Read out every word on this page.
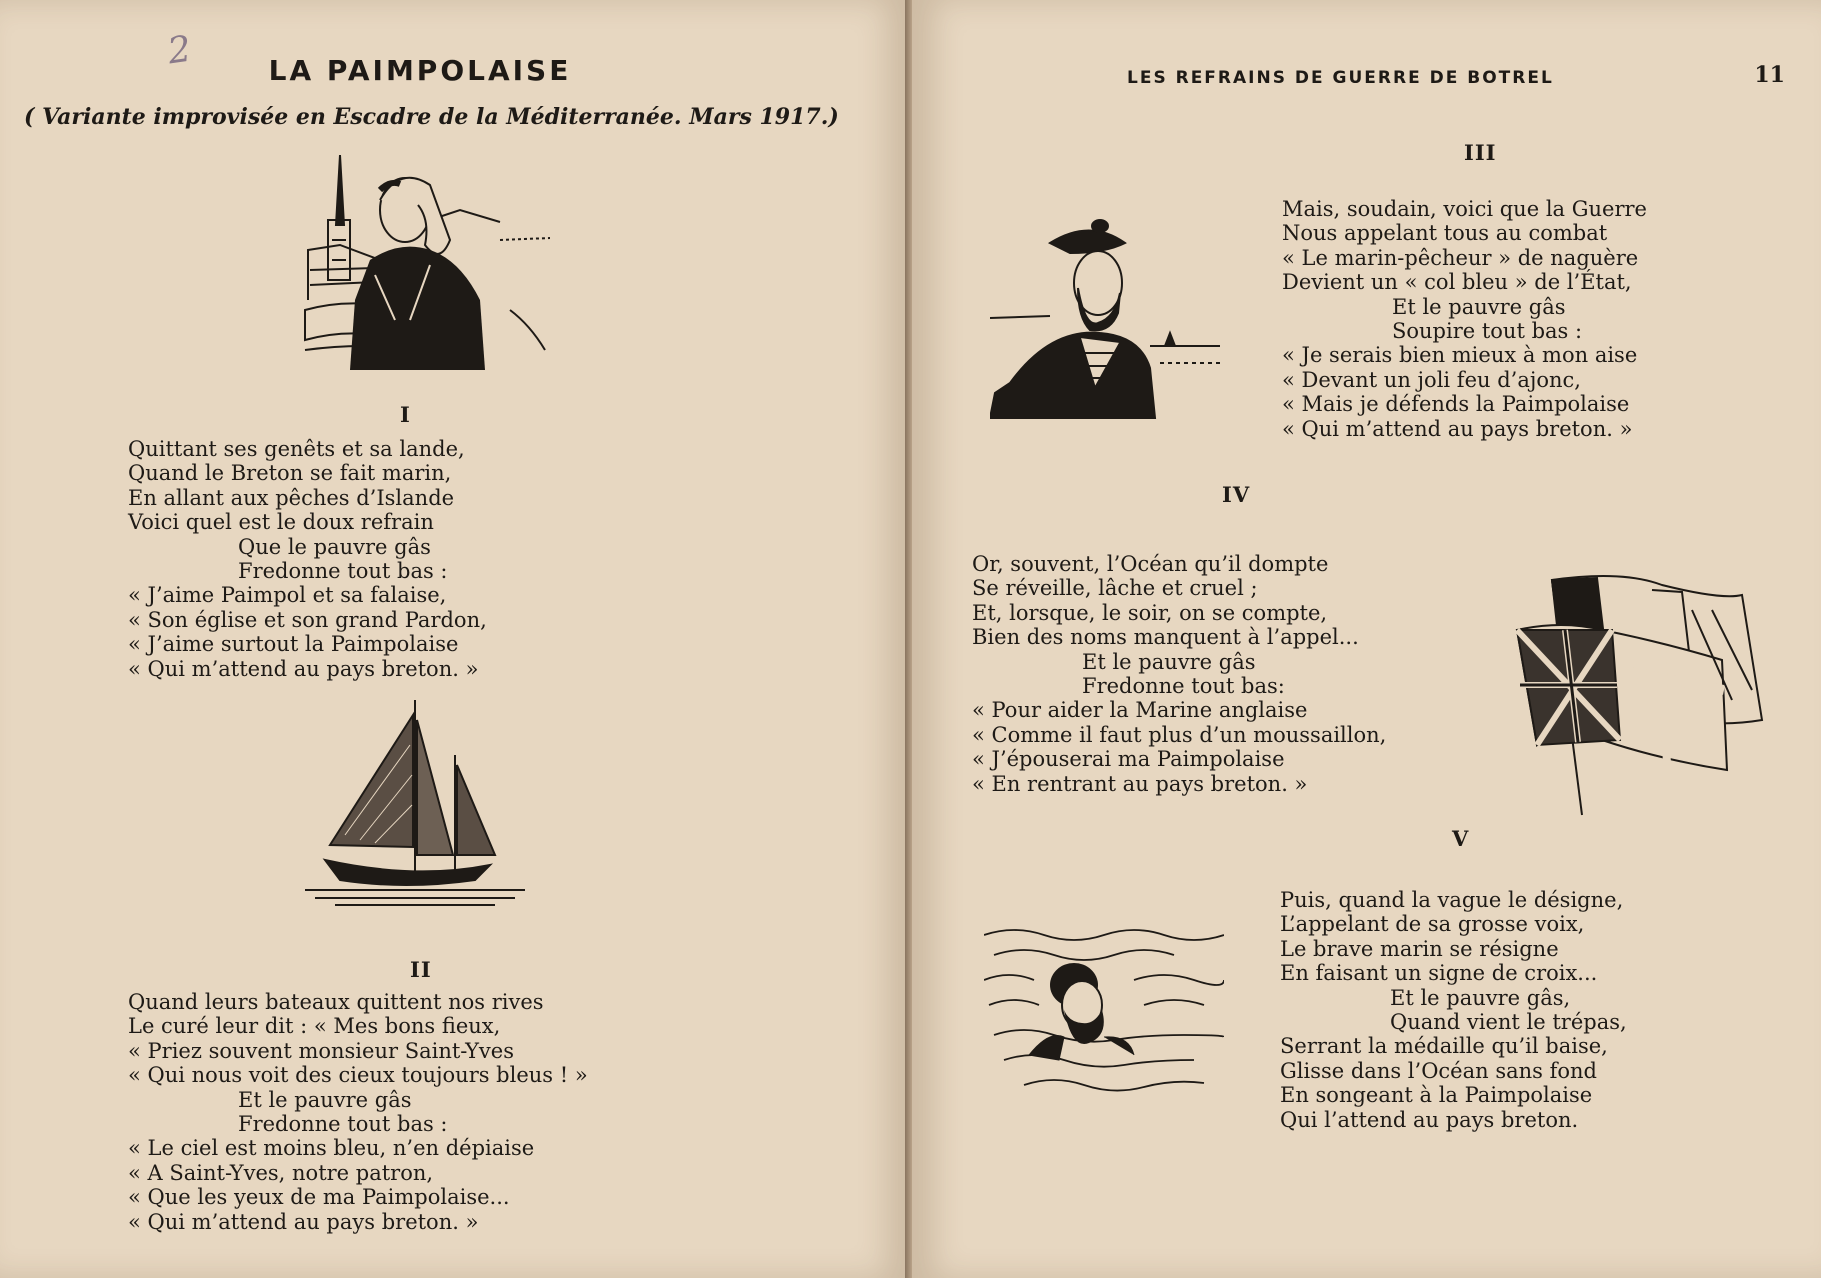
2	LA PAIMPOLAISE
( Variante improvisée en Escadre de la Méditerranée. Mars 1917.)
I
Quittant ses genêts et sa lande,
Quand le Breton se fait marin,
En allant aux pêches d’Islande
Voici quel est le doux refrain
Que le pauvre gâs
Fredonne tout bas :
« J’aime Paimpol et sa falaise,
« Son église et son grand Pardon,
« J’aime surtout la Paimpolaise
« Qui m’attend au pays breton. »
II
Quand leurs bateaux quittent nos rives
Le curé leur dit : « Mes bons fieux,
« Priez souvent monsieur Saint-Yves
« Qui nous voit des cieux toujours bleus ! »
Et le pauvre gâs
Fredonne tout bas :
« Le ciel est moins bleu, n’en dépiaise
« A Saint-Yves, notre patron,
« Que les yeux de ma Paimpolaise...
« Qui m’attend au pays breton. »
LES REFRAINS DE GUERRE DE BOTREL	11
III
Mais, soudain, voici que la Guerre
Nous appelant tous au combat
« Le marin-pêcheur » de naguère
Devient un « col bleu » de l’État,
Et le pauvre gâs
Soupire tout bas :
« Je serais bien mieux à mon aise
« Devant un joli feu d’ajonc,
« Mais je défends la Paimpolaise
« Qui m’attend au pays breton. »
IV
Or, souvent, l’Océan qu’il dompte
Se réveille, lâche et cruel ;
Et, lorsque, le soir, on se compte,
Bien des noms manquent à l’appel...
Et le pauvre gâs
Fredonne tout bas:
« Pour aider la Marine anglaise
« Comme il faut plus d’un moussaillon,
« J’épouserai ma Paimpolaise
« En rentrant au pays breton. »
V
Puis, quand la vague le désigne,
L’appelant de sa grosse voix,
Le brave marin se résigne
En faisant un signe de croix...
Et le pauvre gâs,
Quand vient le trépas,
Serrant la médaille qu’il baise,
Glisse dans l’Océan sans fond
En songeant à la Paimpolaise
Qui l’attend au pays breton.
